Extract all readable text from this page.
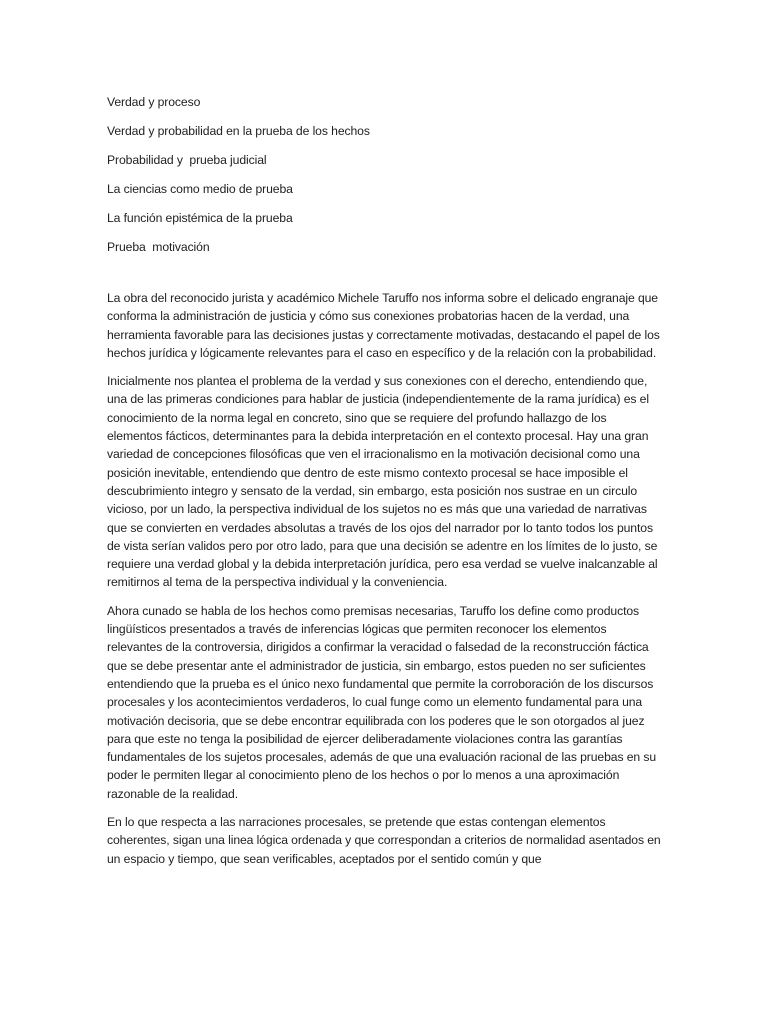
Verdad y proceso
Verdad y probabilidad en la prueba de los hechos
Probabilidad y  prueba judicial
La ciencias como medio de prueba
La función epistémica de la prueba
Prueba  motivación

La obra del reconocido jurista y académico Michele Taruffo nos informa sobre el delicado engranaje que conforma la administración de justicia y cómo sus conexiones probatorias hacen de la verdad, una herramienta favorable para las decisiones justas y correctamente motivadas, destacando el papel de los hechos jurídica y lógicamente relevantes para el caso en específico y de la relación con la probabilidad.

Inicialmente nos plantea el problema de la verdad y sus conexiones con el derecho, entendiendo que, una de las primeras condiciones para hablar de justicia (independientemente de la rama jurídica) es el conocimiento de la norma legal en concreto, sino que se requiere del profundo hallazgo de los elementos fácticos, determinantes para la debida interpretación en el contexto procesal. Hay una gran variedad de concepciones filosóficas que ven el irracionalismo en la motivación decisional como una posición inevitable, entendiendo que dentro de este mismo contexto procesal se hace imposible el descubrimiento integro y sensato de la verdad, sin embargo, esta posición nos sustrae en un circulo vicioso, por un lado, la perspectiva individual de los sujetos no es más que una variedad de narrativas que se convierten en verdades absolutas a través de los ojos del narrador por lo tanto todos los puntos de vista serían validos pero por otro lado, para que una decisión se adentre en los límites de lo justo, se requiere una verdad global y la debida interpretación jurídica, pero esa verdad se vuelve inalcanzable al remitirnos al tema de la perspectiva individual y la conveniencia.

Ahora cunado se habla de los hechos como premisas necesarias, Taruffo los define como productos lingüísticos presentados a través de inferencias lógicas que permiten reconocer los elementos relevantes de la controversia, dirigidos a confirmar la veracidad o falsedad de la reconstrucción fáctica que se debe presentar ante el administrador de justicia, sin embargo, estos pueden no ser suficientes entendiendo que la prueba es el único nexo fundamental que permite la corroboración de los discursos procesales y los acontecimientos verdaderos, lo cual funge como un elemento fundamental para una motivación decisoria, que se debe encontrar equilibrada con los poderes que le son otorgados al juez para que este no tenga la posibilidad de ejercer deliberadamente violaciones contra las garantías fundamentales de los sujetos procesales, además de que una evaluación racional de las pruebas en su poder le permiten llegar al conocimiento pleno de los hechos o por lo menos a una aproximación razonable de la realidad.

En lo que respecta a las narraciones procesales, se pretende que estas contengan elementos coherentes, sigan una linea lógica ordenada y que correspondan a criterios de normalidad asentados en un espacio y tiempo, que sean verificables, aceptados por el sentido común y que
